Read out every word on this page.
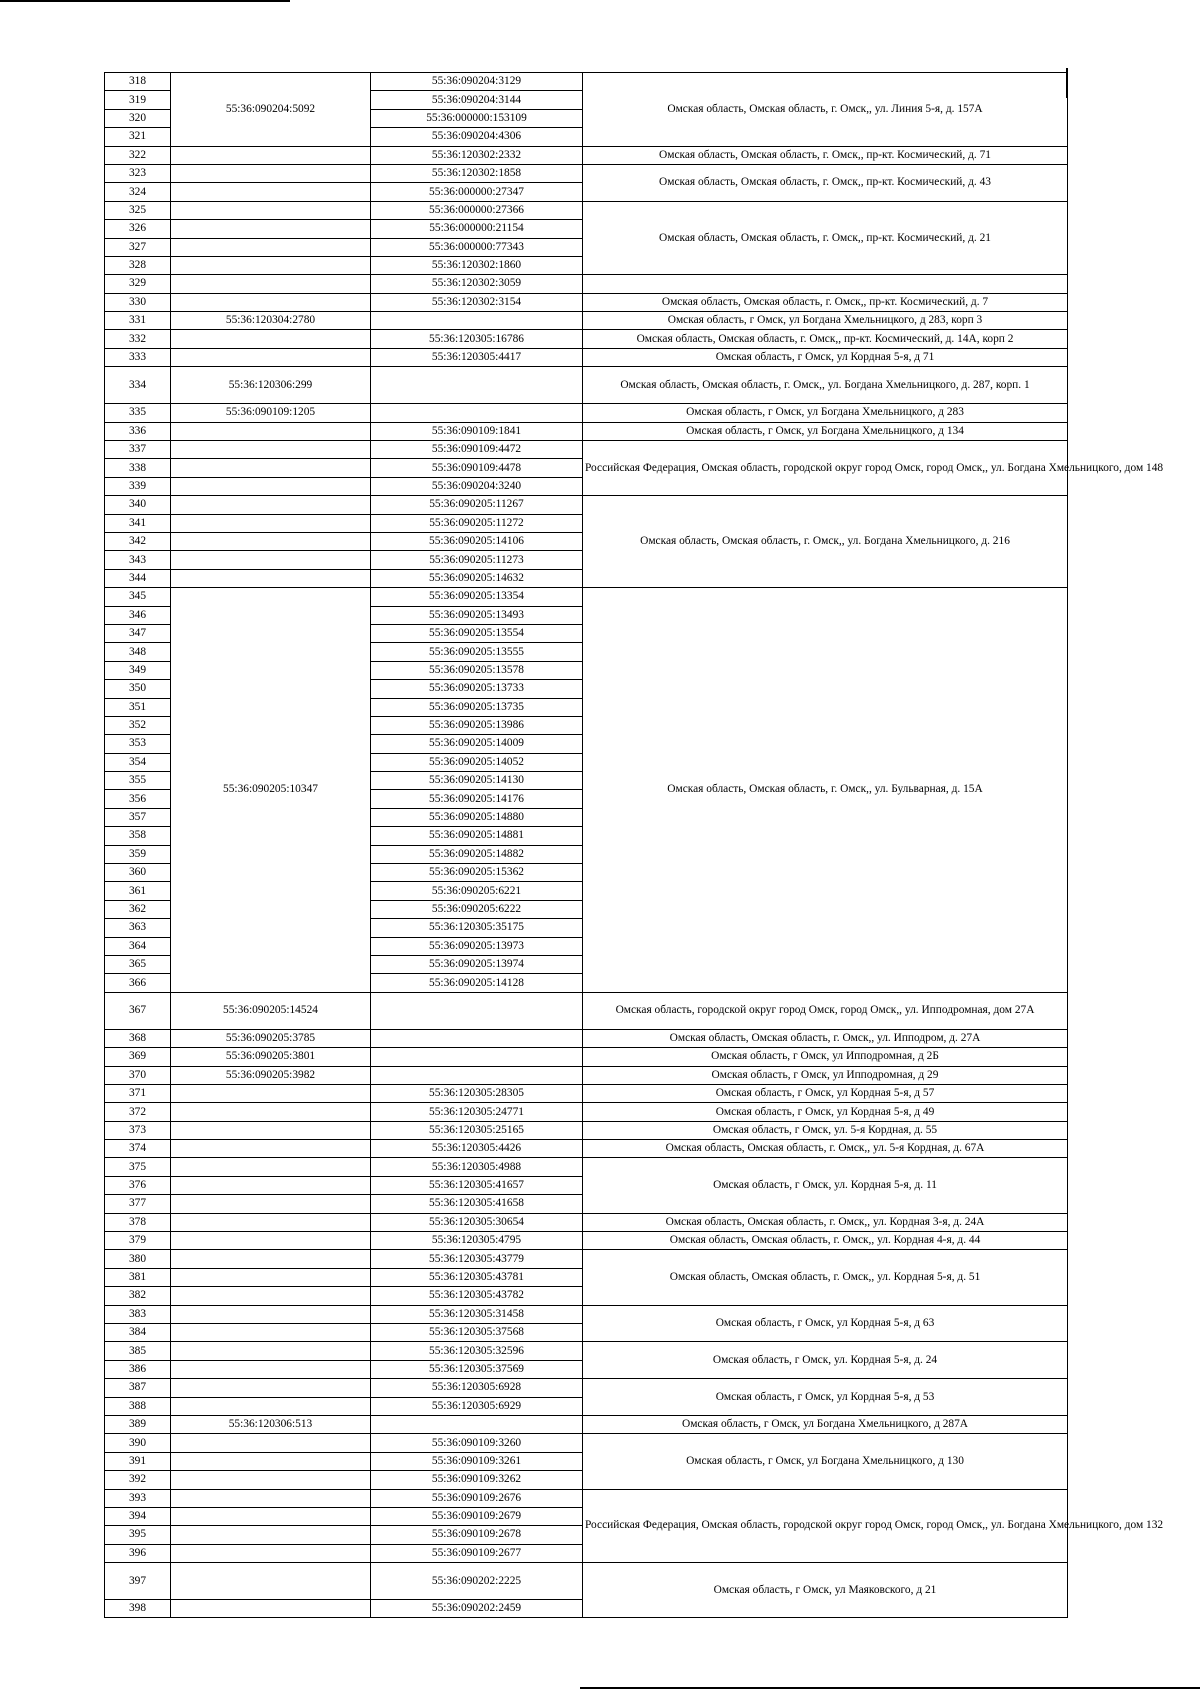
318	55:36:090204:5092	55:36:090204:3129	Омская область, Омская область, г. Омск,, ул. Линия 5-я, д. 157А
319		55:36:090204:3144	
320		55:36:000000:153109	
321		55:36:090204:4306	
322		55:36:120302:2332	Омская область, Омская область, г. Омск,, пр-кт. Космический, д. 71
323		55:36:120302:1858	Омская область, Омская область, г. Омск,, пр-кт. Космический, д. 43
324		55:36:000000:27347	
325		55:36:000000:27366	Омская область, Омская область, г. Омск,, пр-кт. Космический, д. 21
326		55:36:000000:21154	
327		55:36:000000:77343	
328		55:36:120302:1860	
329		55:36:120302:3059	
330		55:36:120302:3154	Омская область, Омская область, г. Омск,, пр-кт. Космический, д. 7
331	55:36:120304:2780		Омская область, г Омск, ул Богдана Хмельницкого, д 283, корп 3
332		55:36:120305:16786	Омская область, Омская область, г. Омск,, пр-кт. Космический, д. 14А, корп 2
333		55:36:120305:4417	Омская область, г Омск, ул Кордная 5-я, д 71
334	55:36:120306:299		Омская область, Омская область, г. Омск,, ул. Богдана Хмельницкого, д. 287, корп. 1
335	55:36:090109:1205		Омская область, г Омск, ул Богдана Хмельницкого, д 283
336		55:36:090109:1841	Омская область, г Омск, ул Богдана Хмельницкого, д 134
337		55:36:090109:4472	Российская Федерация, Омская область, городской округ город Омск, город Омск,, ул. Богдана Хмельницкого, дом 148
338		55:36:090109:4478	
339		55:36:090204:3240	
340		55:36:090205:11267	Омская область, Омская область, г. Омск,, ул. Богдана Хмельницкого, д. 216
341		55:36:090205:11272	
342		55:36:090205:14106	
343		55:36:090205:11273	
344		55:36:090205:14632	
345	55:36:090205:10347	55:36:090205:13354	Омская область, Омская область, г. Омск,, ул. Бульварная, д. 15А
346		55:36:090205:13493	
347		55:36:090205:13554	
348		55:36:090205:13555	
349		55:36:090205:13578	
350		55:36:090205:13733	
351		55:36:090205:13735	
352		55:36:090205:13986	
353		55:36:090205:14009	
354		55:36:090205:14052	
355		55:36:090205:14130	
356		55:36:090205:14176	
357		55:36:090205:14880	
358		55:36:090205:14881	
359		55:36:090205:14882	
360		55:36:090205:15362	
361		55:36:090205:6221	
362		55:36:090205:6222	
363		55:36:120305:35175	
364		55:36:090205:13973	
365		55:36:090205:13974	
366		55:36:090205:14128	
367	55:36:090205:14524		Омская область, городской округ город Омск, город Омск,, ул. Ипподромная, дом 27А
368	55:36:090205:3785		Омская область, Омская область, г. Омск,, ул. Ипподром, д. 27А
369	55:36:090205:3801		Омская область, г Омск, ул Ипподромная, д 2Б
370	55:36:090205:3982		Омская область, г Омск, ул Ипподромная, д 29
371		55:36:120305:28305	Омская область, г Омск, ул Кордная 5-я, д 57
372		55:36:120305:24771	Омская область, г Омск, ул Кордная 5-я, д 49
373		55:36:120305:25165	Омская область, г Омск, ул. 5-я Кордная, д. 55
374		55:36:120305:4426	Омская область, Омская область, г. Омск,, ул. 5-я Кордная, д. 67А
375		55:36:120305:4988	Омская область, г Омск, ул. Кордная 5-я, д. 11
376		55:36:120305:41657	
377		55:36:120305:41658	
378		55:36:120305:30654	Омская область, Омская область, г. Омск,, ул. Кордная 3-я, д. 24А
379		55:36:120305:4795	Омская область, Омская область, г. Омск,, ул. Кордная 4-я, д. 44
380		55:36:120305:43779	Омская область, Омская область, г. Омск,, ул. Кордная 5-я, д. 51
381		55:36:120305:43781	
382		55:36:120305:43782	
383		55:36:120305:31458	Омская область, г Омск, ул Кордная 5-я, д 63
384		55:36:120305:37568	
385		55:36:120305:32596	Омская область, г Омск, ул. Кордная 5-я, д. 24
386		55:36:120305:37569	
387		55:36:120305:6928	Омская область, г Омск, ул Кордная 5-я, д 53
388		55:36:120305:6929	
389	55:36:120306:513		Омская область, г Омск, ул Богдана Хмельницкого, д 287А
390		55:36:090109:3260	Омская область, г Омск, ул Богдана Хмельницкого, д 130
391		55:36:090109:3261	
392		55:36:090109:3262	
393		55:36:090109:2676	Российская Федерация, Омская область, городской округ город Омск, город Омск,, ул. Богдана Хмельницкого, дом 132
394		55:36:090109:2679	
395		55:36:090109:2678	
396		55:36:090109:2677	
397		55:36:090202:2225	Омская область, г Омск, ул Маяковского, д 21
398		55:36:090202:2459	
